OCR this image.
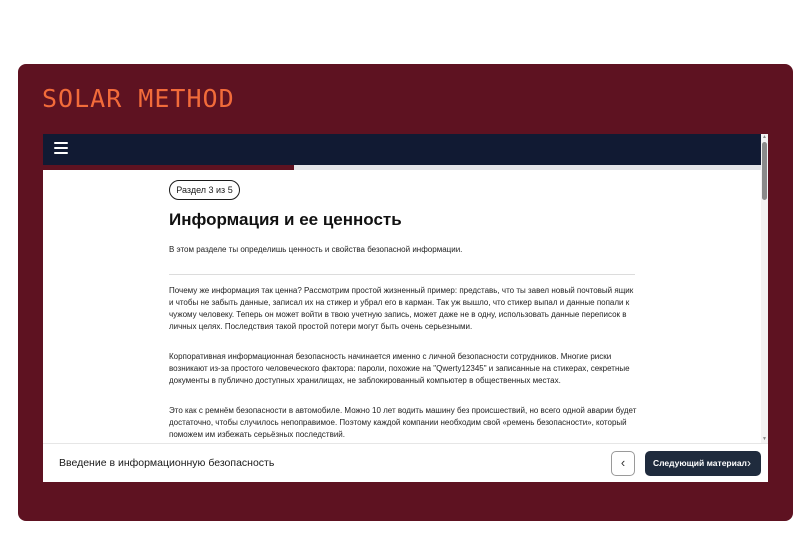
SOLAR METHOD
Раздел 3 из 5
Информация и ее ценность
В этом разделе ты определишь ценность и свойства безопасной информации.

Почему же информация так ценна? Рассмотрим простой жизненный пример: представь, что ты завел новый почтовый ящик и чтобы не забыть данные, записал их на стикер и убрал его в карман. Так уж вышло, что стикер выпал и данные попали к чужому человеку. Теперь он может войти в твою учетную запись, может даже не в одну, использовать данные переписок в личных целях. Последствия такой простой потери могут быть очень серьезными.

Корпоративная информационная безопасность начинается именно с личной безопасности сотрудников. Многие риски возникают из-за простого человеческого фактора: пароли, похожие на "Qwerty12345" и записанные на стикерах, секретные документы в публично доступных хранилищах, не заблокированный компьютер в общественных местах.

Это как с ремнём безопасности в автомобиле. Можно 10 лет водить машину без происшествий, но всего одной аварии будет достаточно, чтобы случилось непоправимое. Поэтому каждой компании необходим свой «ремень безопасности», который поможем им избежать серьёзных последствий.

▲
▼
Введение в информационную безопасность	‹	Следующий материал ›
